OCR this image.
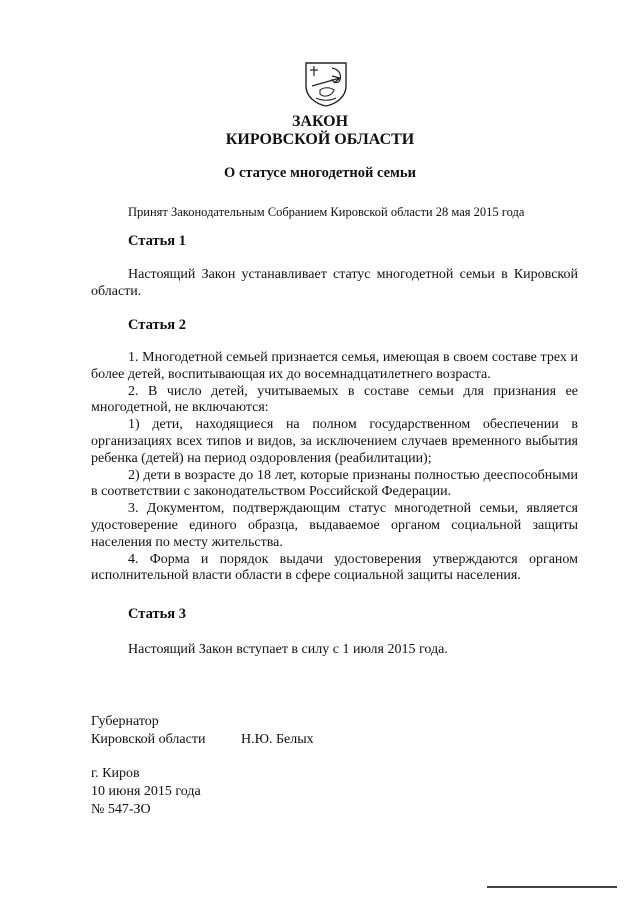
ЗАКОН
КИРОВСКОЙ ОБЛАСТИ
О статусе многодетной семьи
Принят Законодательным Собранием Кировской области 28 мая 2015 года
Статья 1

Настоящий Закон устанавливает статус многодетной семьи в Кировской области.

Статья 2

1. Многодетной семьей признается семья, имеющая в своем составе трех и более детей, воспитывающая их до восемнадцатилетнего возраста.

2. В число детей, учитываемых в составе семьи для признания ее многодетной, не включаются:

1) дети, находящиеся на полном государственном обеспечении в организациях всех типов и видов, за исключением случаев временного выбытия ребенка (детей) на период оздоровления (реабилитации);

2) дети в возрасте до 18 лет, которые признаны полностью дееспособными в соответствии с законодательством Российской Федерации.

3. Документом, подтверждающим статус многодетной семьи, является удостоверение единого образца, выдаваемое органом социальной защиты населения по месту жительства.

4. Форма и порядок выдачи удостоверения утверждаются органом исполнительной власти области в сфере социальной защиты населения.

Статья 3

Настоящий Закон вступает в силу с 1 июля 2015 года.

Губернатор
Кировской области	Н.Ю. Белых
г. Киров
10 июня 2015 года
№ 547-ЗО
